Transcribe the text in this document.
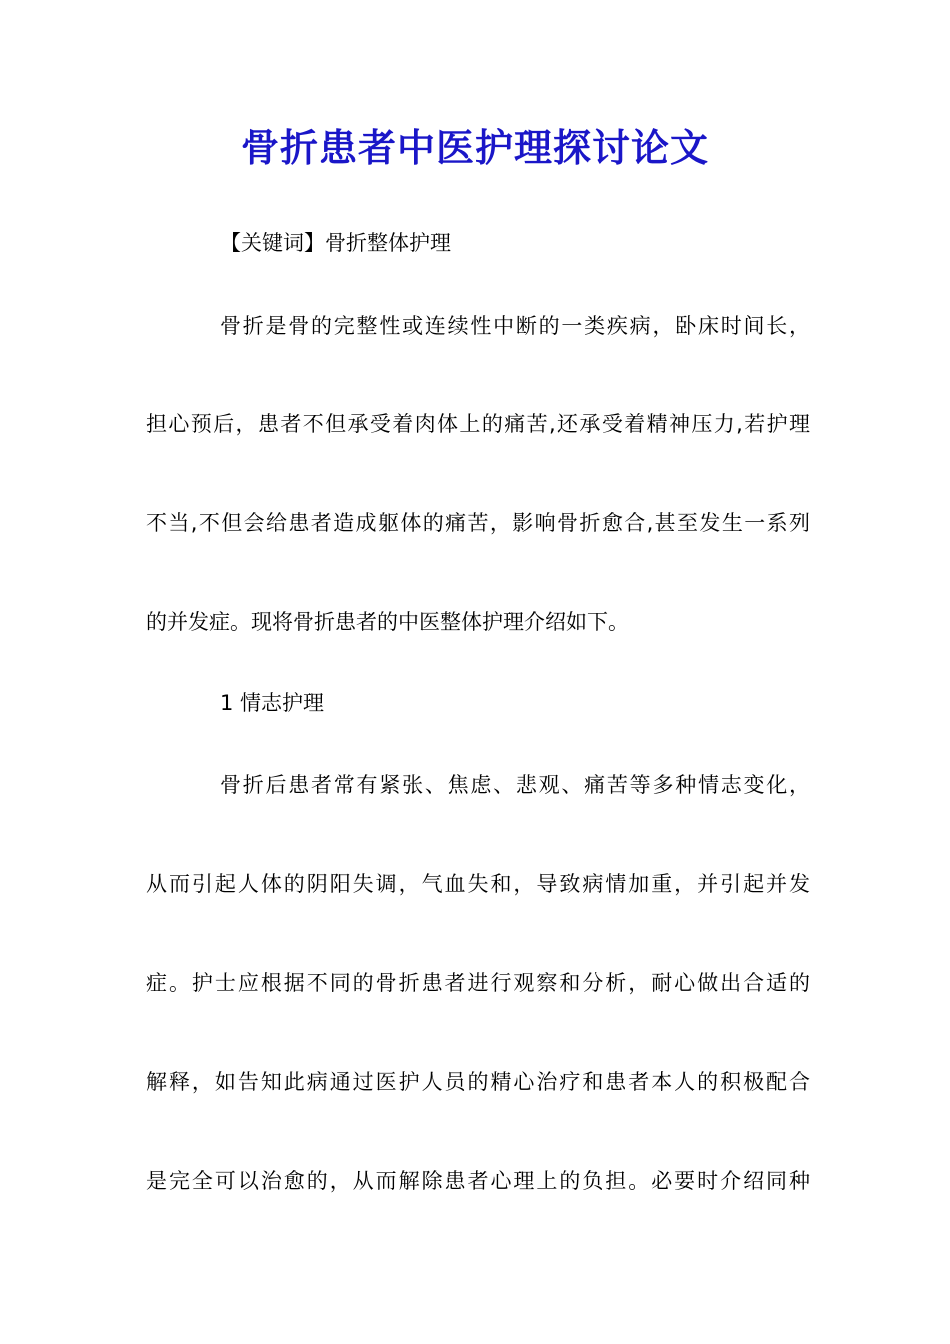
骨折患者中医护理探讨论文
【关键词】骨折整体护理
骨折是骨的完整性或连续性中断的一类疾病，卧床时间长，
担心预后，患者不但承受着肉体上的痛苦,还承受着精神压力,若护理
不当,不但会给患者造成躯体的痛苦，影响骨折愈合,甚至发生一系列
的并发症。现将骨折患者的中医整体护理介绍如下。
1 情志护理
骨折后患者常有紧张、焦虑、悲观、痛苦等多种情志变化，
从而引起人体的阴阳失调，气血失和，导致病情加重，并引起并发
症。护士应根据不同的骨折患者进行观察和分析，耐心做出合适的
解释，如告知此病通过医护人员的精心治疗和患者本人的积极配合
是完全可以治愈的，从而解除患者心理上的负担。必要时介绍同种
